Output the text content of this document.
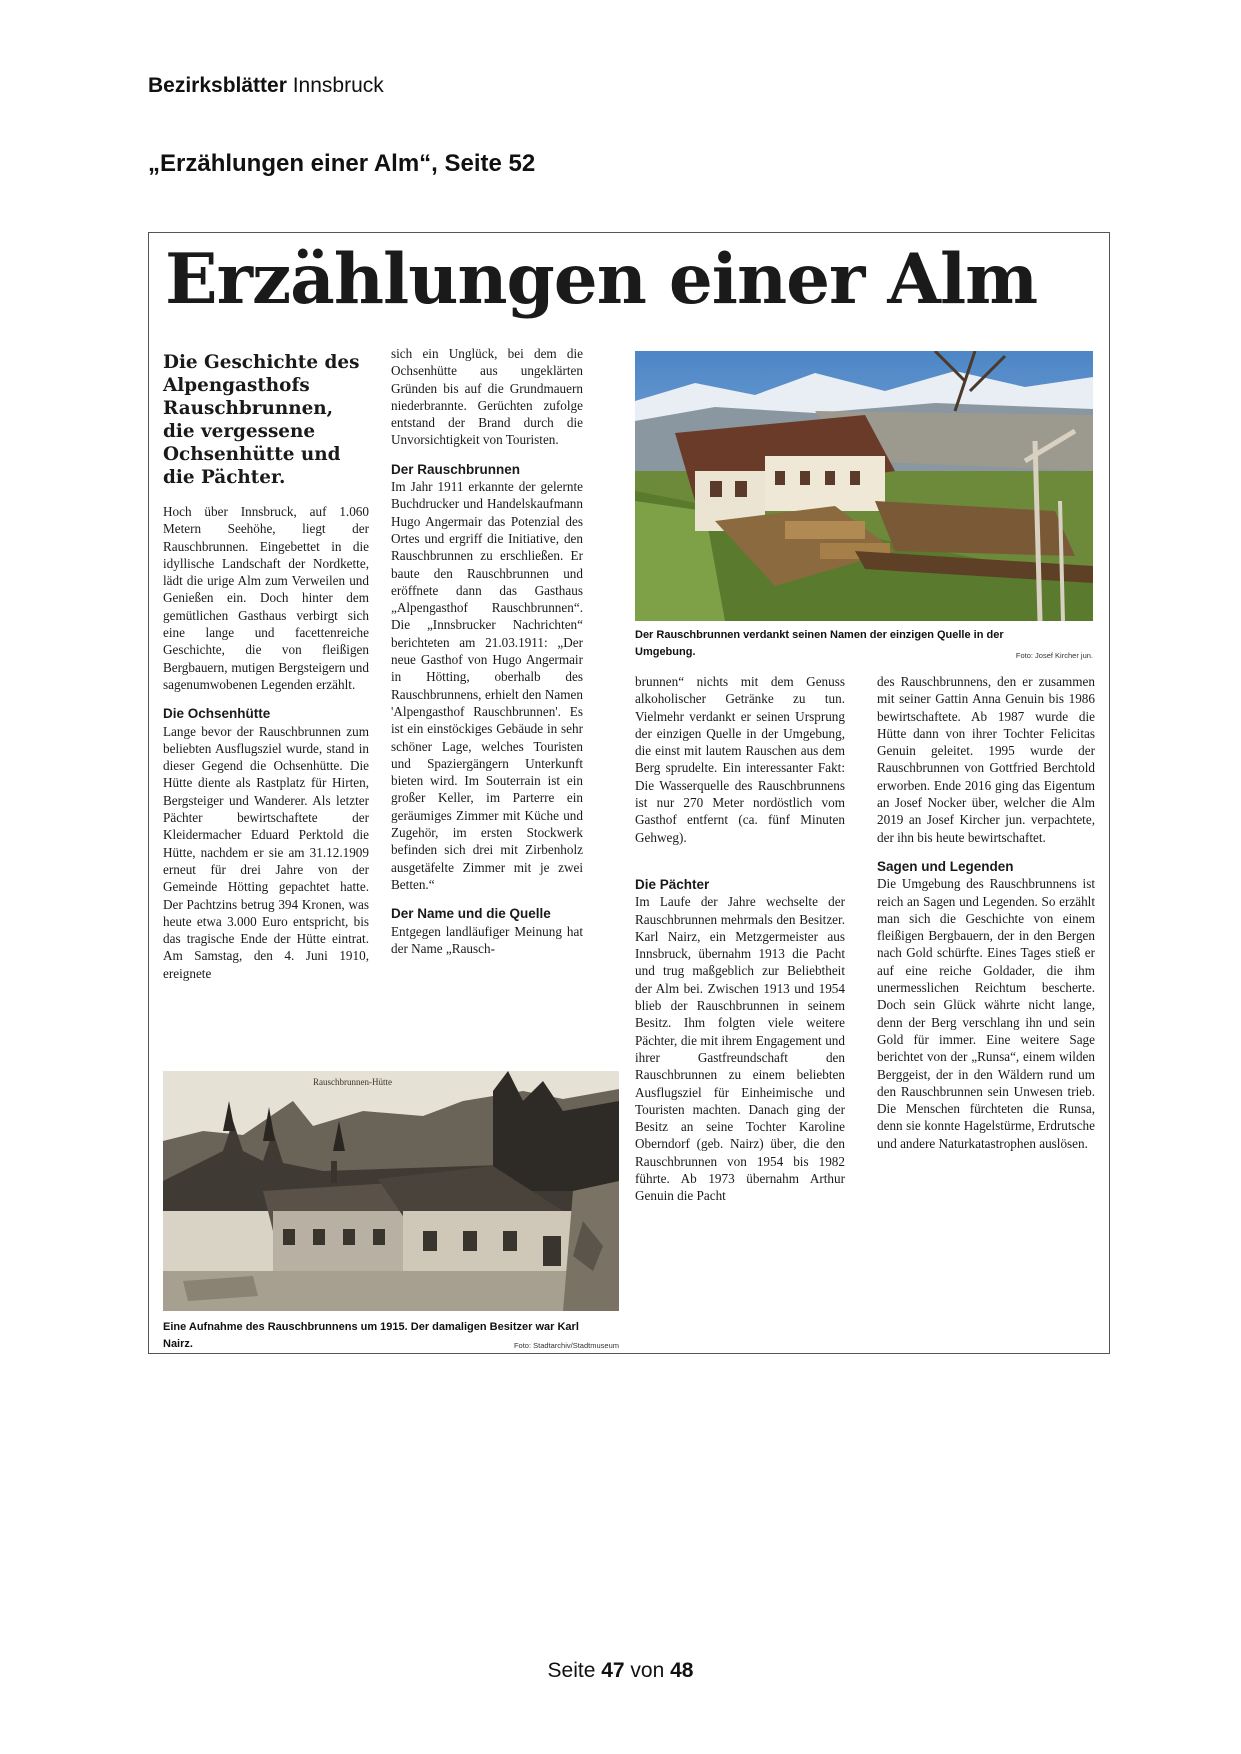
Bezirksblätter Innsbruck
„Erzählungen einer Alm“, Seite 52
Erzählungen einer Alm

Die Geschichte des Alpengasthofs Rauschbrunnen, die vergessene Ochsenhütte und die Pächter.

Hoch über Innsbruck, auf 1.060 Metern Seehöhe, liegt der Rauschbrunnen. Eingebettet in die idyllische Landschaft der Nordkette, lädt die urige Alm zum Verweilen und Genießen ein. Doch hinter dem gemütlichen Gasthaus verbirgt sich eine lange und facettenreiche Geschichte, die von fleißigen Bergbauern, mutigen Bergsteigern und sagenumwobenen Legenden erzählt.

Die Ochsenhütte

Lange bevor der Rauschbrunnen zum beliebten Ausflugsziel wurde, stand in dieser Gegend die Ochsenhütte. Die Hütte diente als Rastplatz für Hirten, Bergsteiger und Wanderer. Als letzter Pächter bewirtschaftete der Kleidermacher Eduard Perktold die Hütte, nachdem er sie am 31.12.1909 erneut für drei Jahre von der Gemeinde Hötting gepachtet hatte. Der Pachtzins betrug 394 Kronen, was heute etwa 3.000 Euro entspricht, bis das tragische Ende der Hütte eintrat. Am Samstag, den 4. Juni 1910, ereignete

sich ein Unglück, bei dem die Ochsenhütte aus ungeklärten Gründen bis auf die Grundmauern niederbrannte. Gerüchten zufolge entstand der Brand durch die Unvorsichtigkeit von Touristen.

Der Rauschbrunnen

Im Jahr 1911 erkannte der gelernte Buchdrucker und Handelskaufmann Hugo Angermair das Potenzial des Ortes und ergriff die Initiative, den Rauschbrunnen zu erschließen. Er baute den Rauschbrunnen und eröffnete dann das Gasthaus „Alpengasthof Rauschbrunnen“. Die „Innsbrucker Nachrichten“ berichteten am 21.03.1911: „Der neue Gasthof von Hugo Angermair in Hötting, oberhalb des Rauschbrunnens, erhielt den Namen 'Alpengasthof Rauschbrunnen'. Es ist ein einstöckiges Gebäude in sehr schöner Lage, welches Touristen und Spaziergängern Unterkunft bieten wird. Im Souterrain ist ein großer Keller, im Parterre ein geräumiges Zimmer mit Küche und Zugehör, im ersten Stockwerk befinden sich drei mit Zirbenholz ausgetäfelte Zimmer mit je zwei Betten.“

Der Name und die Quelle

Entgegen landläufiger Meinung hat der Name „Rausch-

Der Rauschbrunnen verdankt seinen Namen der einzigen Quelle in der Umgebung.	Foto: Josef Kircher jun.

brunnen“ nichts mit dem Genuss alkoholischer Getränke zu tun. Vielmehr verdankt er seinen Ursprung der einzigen Quelle in der Umgebung, die einst mit lautem Rauschen aus dem Berg sprudelte. Ein interessanter Fakt: Die Wasserquelle des Rauschbrunnens ist nur 270 Meter nordöstlich vom Gasthof entfernt (ca. fünf Minuten Gehweg).

Die Pächter

Im Laufe der Jahre wechselte der Rauschbrunnen mehrmals den Besitzer. Karl Nairz, ein Metzgermeister aus Innsbruck, übernahm 1913 die Pacht und trug maßgeblich zur Beliebtheit der Alm bei. Zwischen 1913 und 1954 blieb der Rauschbrunnen in seinem Besitz. Ihm folgten viele weitere Pächter, die mit ihrem Engagement und ihrer Gastfreundschaft den Rauschbrunnen zu einem beliebten Ausflugsziel für Einheimische und Touristen machten. Danach ging der Besitz an seine Tochter Karoline Oberndorf (geb. Nairz) über, die den Rauschbrunnen von 1954 bis 1982 führte. Ab 1973 übernahm Arthur Genuin die Pacht

des Rauschbrunnens, den er zusammen mit seiner Gattin Anna Genuin bis 1986 bewirtschaftete. Ab 1987 wurde die Hütte dann von ihrer Tochter Felicitas Genuin geleitet. 1995 wurde der Rauschbrunnen von Gottfried Berchtold erworben. Ende 2016 ging das Eigentum an Josef Nocker über, welcher die Alm 2019 an Josef Kircher jun. verpachtete, der ihn bis heute bewirtschaftet.

Sagen und Legenden

Die Umgebung des Rauschbrunnens ist reich an Sagen und Legenden. So erzählt man sich die Geschichte von einem fleißigen Bergbauern, der in den Bergen nach Gold schürfte. Eines Tages stieß er auf eine reiche Goldader, die ihm unermesslichen Reichtum bescherte. Doch sein Glück währte nicht lange, denn der Berg verschlang ihn und sein Gold für immer. Eine weitere Sage berichtet von der „Runsa“, einem wilden Berggeist, der in den Wäldern rund um den Rauschbrunnen sein Unwesen trieb. Die Menschen fürchteten die Runsa, denn sie konnte Hagelstürme, Erdrutsche und andere Naturkatastrophen auslösen.

Rauschbrunnen-Hütte
Eine Aufnahme des Rauschbrunnens um 1915. Der damaligen Besitzer war Karl Nairz.	Foto: Stadtarchiv/Stadtmuseum
Seite 47 von 48
